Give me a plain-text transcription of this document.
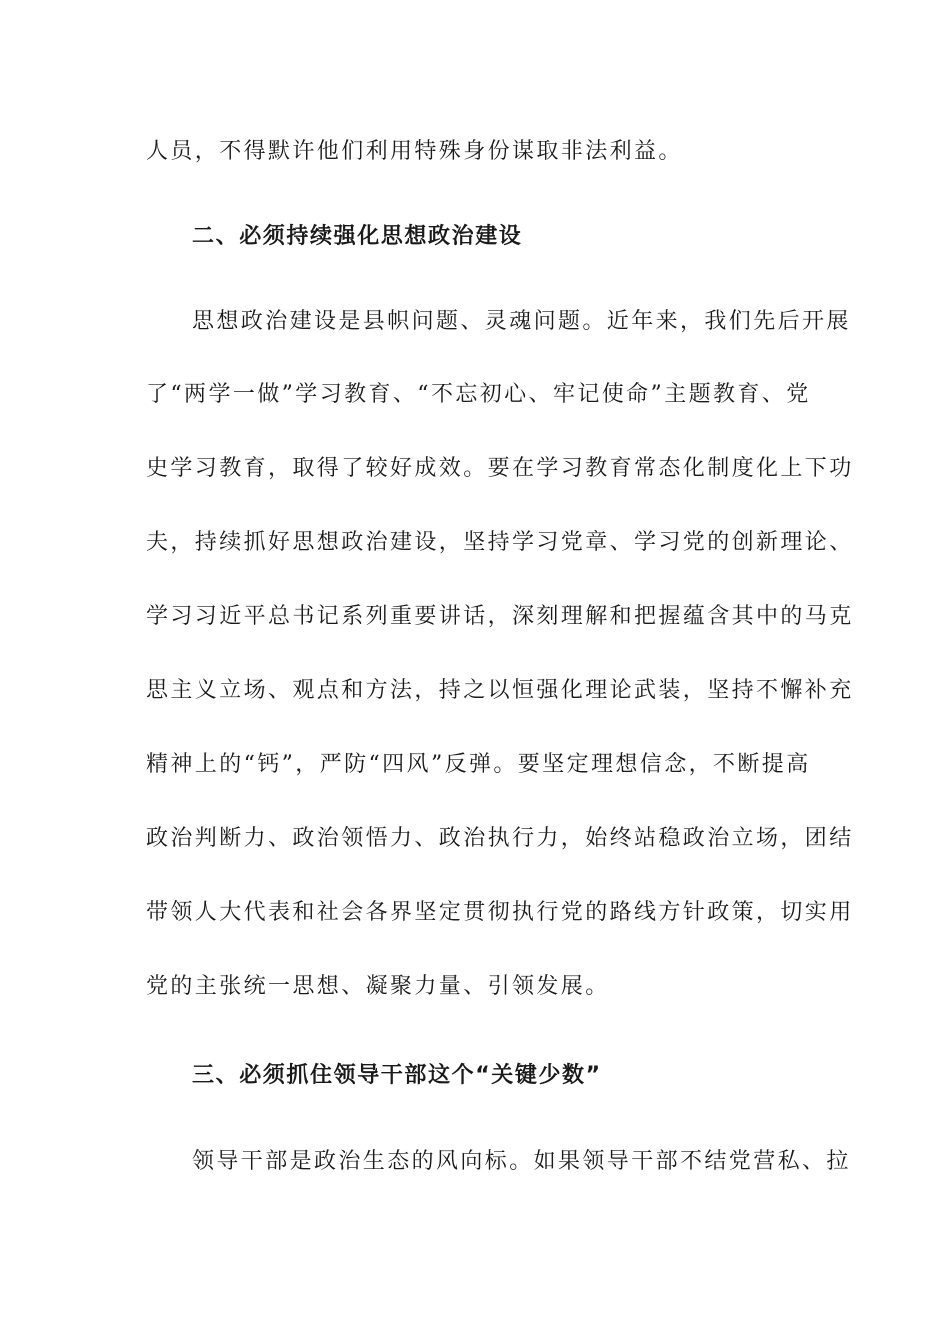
人员，不得默许他们利用特殊身份谋取非法利益。
二、必须持续强化思想政治建设
思想政治建设是县帜问题、灵魂问题。近年来，我们先后开展
了“两学一做”学习教育、“不忘初心、牢记使命”主题教育、党
史学习教育，取得了较好成效。要在学习教育常态化制度化上下功
夫，持续抓好思想政治建设，坚持学习党章、学习党的创新理论、
学习习近平总书记系列重要讲话，深刻理解和把握蕴含其中的马克
思主义立场、观点和方法，持之以恒强化理论武装，坚持不懈补充
精神上的“钙”，严防“四风”反弹。要坚定理想信念，不断提高
政治判断力、政治领悟力、政治执行力，始终站稳政治立场，团结
带领人大代表和社会各界坚定贯彻执行党的路线方针政策，切实用
党的主张统一思想、凝聚力量、引领发展。
三、必须抓住领导干部这个“关键少数”
领导干部是政治生态的风向标。如果领导干部不结党营私、拉
